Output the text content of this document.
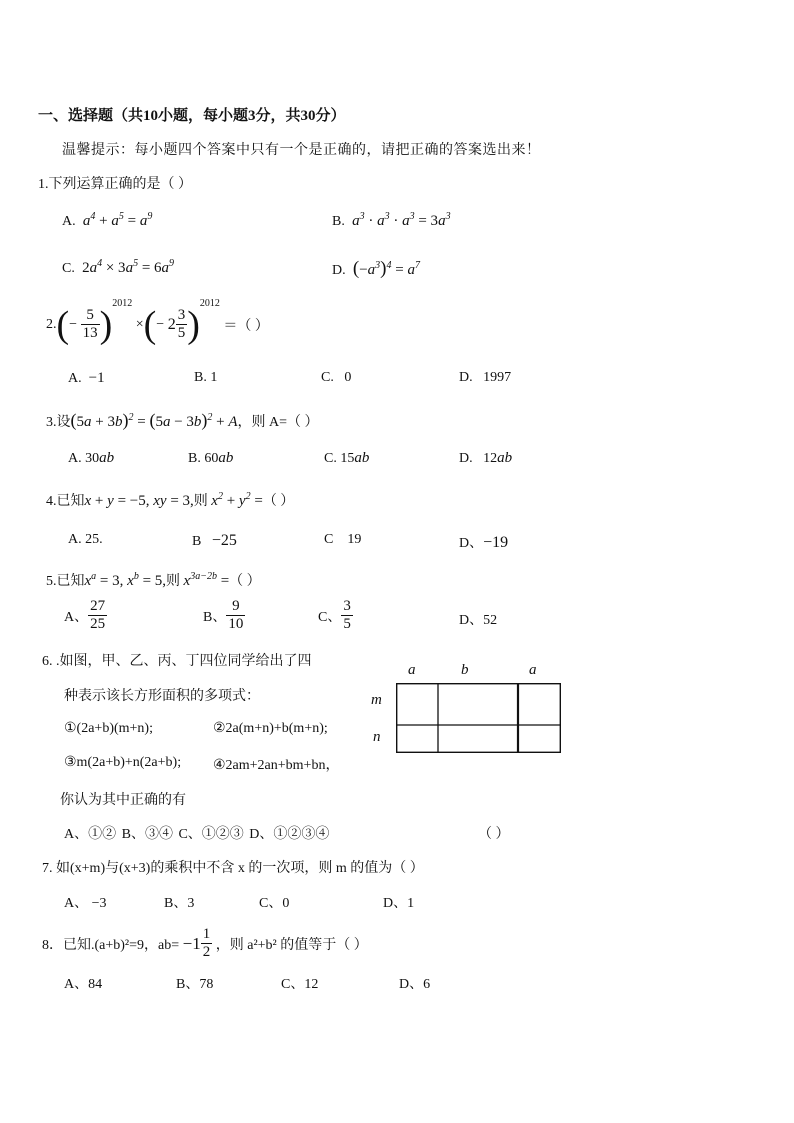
一、选择题（共10小题，每小题3分，共30分）
温馨提示：每小题四个答案中只有一个是正确的，请把正确的答案选出来！
1.下列运算正确的是（ ）
A.  $a^4 + a^5 = a^9$	B.  $a^3 \cdot a^3 \cdot a^3 = 3a^3$
C. $2a^4 \times 3a^5 = 6a^9$	D. $(-a^3)^4 = a^7$
$2.(- \frac{5}{13} )^{2012}$ ×(− $2 \frac{3}{5} )^{2012}$ ＝（ ）
A. −1	B. 1	C. 0	D. 1997
3.设$(5a + 3b)^2 = (5a - 3b)^2 + A$，则 A=（ ）
A. 30ab	B. 60ab	C. 15ab	D. 12ab
4.已知x + y = −5, xy = 3,则 $x^2 + y^2$ =（ ）
A. 25.	B −25	C 19	D、−19
5.已知$x^a = 3$, $x^b = 5$,则 $x^{3a-2b}$ =（ ）
A、 $\frac{27}{25}$	B、 $\frac{9}{10}$	C、 $\frac{3}{5}$	D、52
6. .如图，甲、乙、丙、丁四位同学给出了四
种表示该长方形面积的多项式：
①(2a+b)(m+n);	②2a(m+n)+b(m+n);
③m(2a+b)+n(2a+b); ④2am+2an+bm+bn，
你认为其中正确的有
A、①② B、③④ C、①②③ D、①②③④	（ ）
a	b	a
m
n
7. 如(x+m)与(x+3)的乘积中不含 x 的一次项，则 m 的值为（ ）
A、 −3	B、3	C、0	D、1
8．已知.(a+b)²=9，$ab= -1 \frac{1}{2}$ ，则 a²+b² 的值等于（ ）
A、84	B、78	C、12	D、6
